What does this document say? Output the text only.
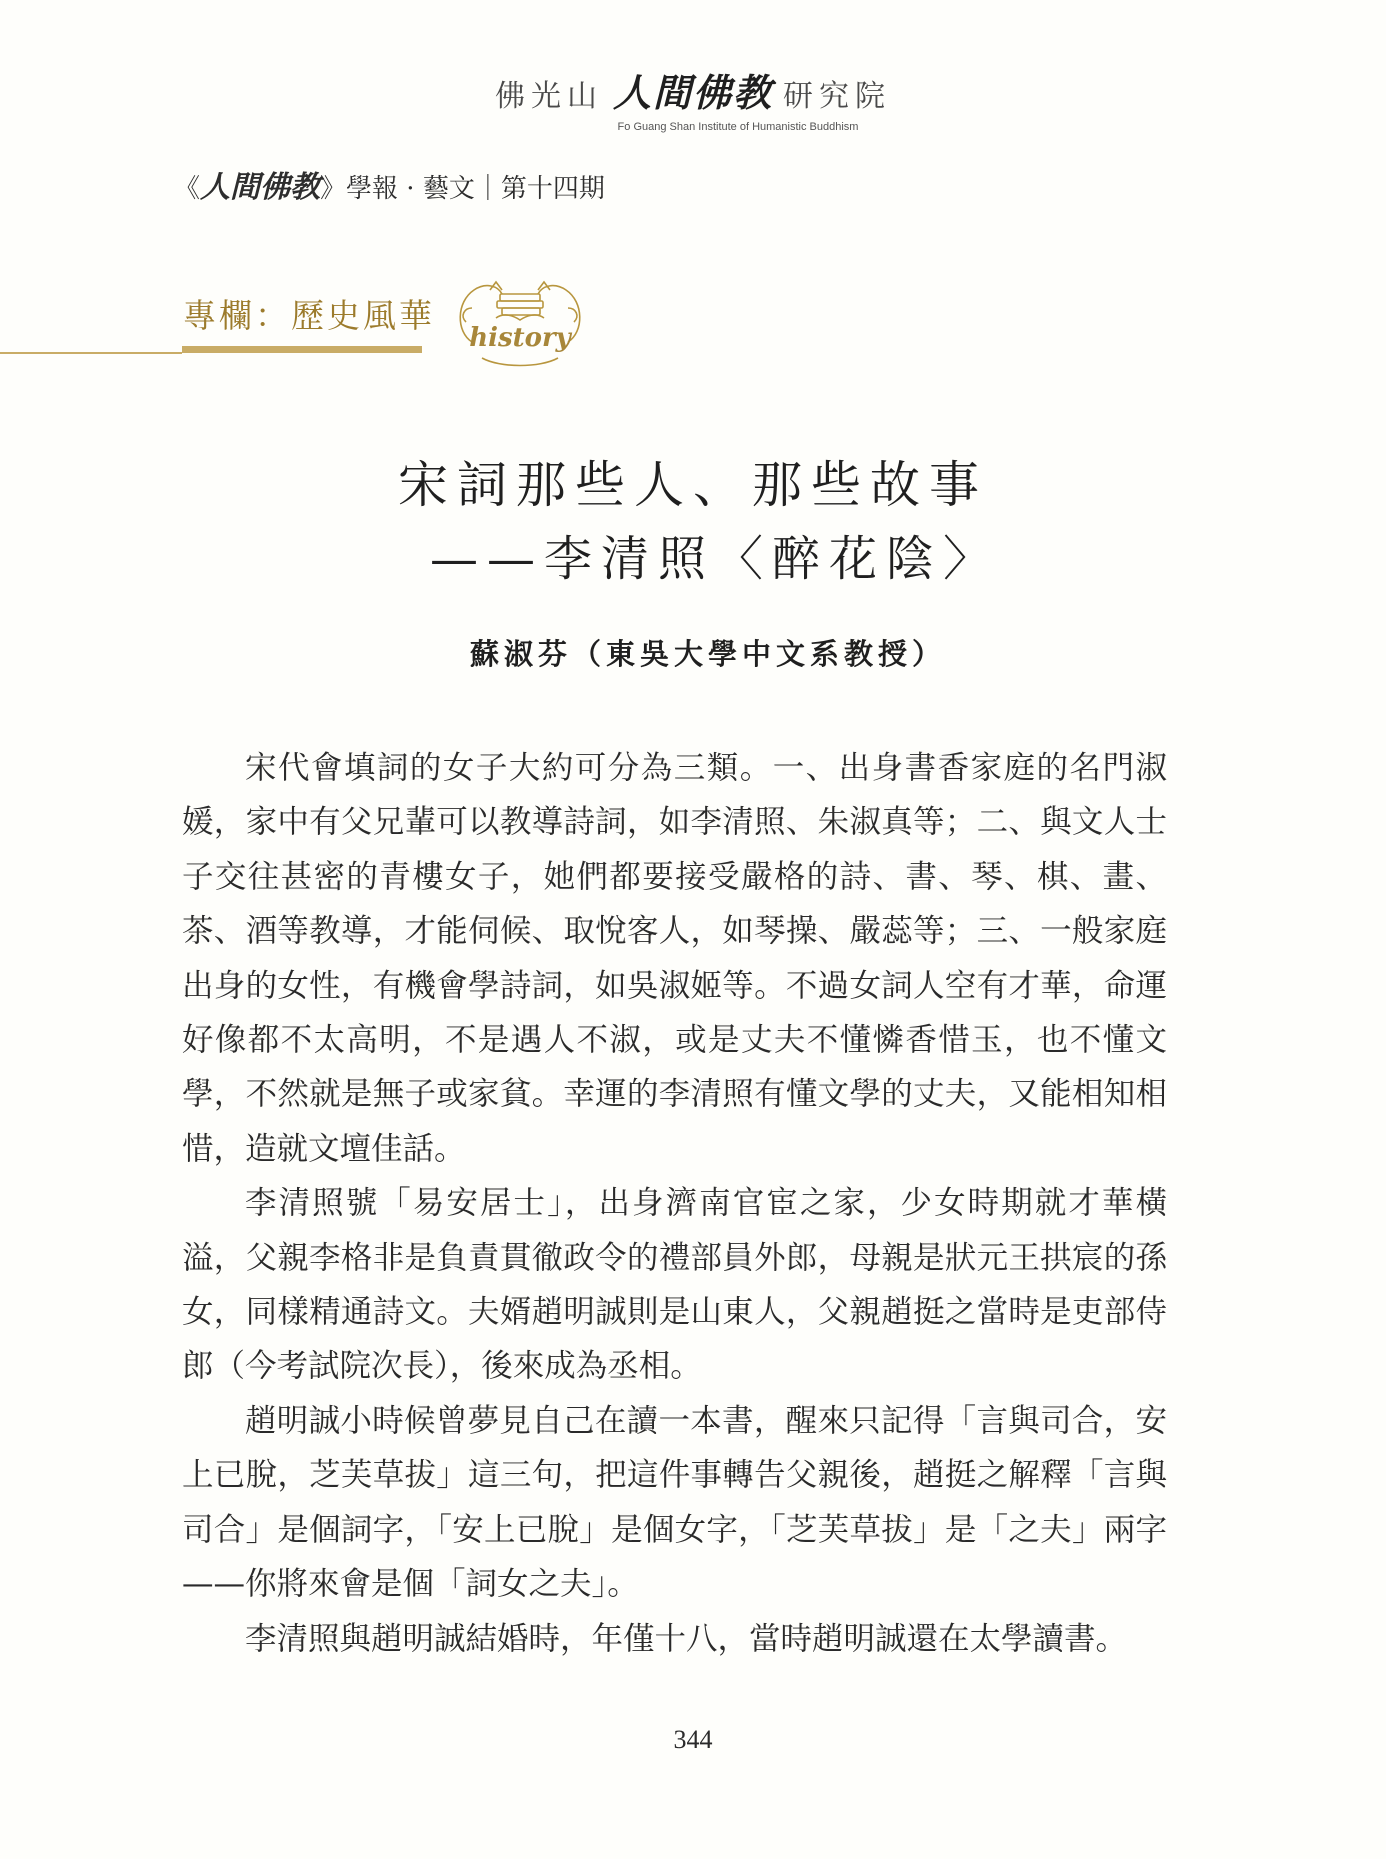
佛光山 人間佛教 研究院
Fo Guang Shan Institute of Humanistic Buddhism
《人間佛教》學報 · 藝文｜第十四期
專欄：歷史風華
history
宋詞那些人、那些故事
——李清照〈醉花陰〉
蘇淑芬（東吳大學中文系教授）

宋代會填詞的女子大約可分為三類。一、出身書香家庭的名門淑媛，家中有父兄輩可以教導詩詞，如李清照、朱淑真等；二、與文人士子交往甚密的青樓女子，她們都要接受嚴格的詩、書、琴、棋、畫、茶、酒等教導，才能伺候、取悅客人，如琴操、嚴蕊等；三、一般家庭出身的女性，有機會學詩詞，如吳淑姬等。不過女詞人空有才華，命運好像都不太高明，不是遇人不淑，或是丈夫不懂憐香惜玉，也不懂文學，不然就是無子或家貧。幸運的李清照有懂文學的丈夫，又能相知相惜，造就文壇佳話。

李清照號「易安居士」，出身濟南官宦之家，少女時期就才華橫溢，父親李格非是負責貫徹政令的禮部員外郎，母親是狀元王拱宸的孫女，同樣精通詩文。夫婿趙明誠則是山東人，父親趙挺之當時是吏部侍郎（今考試院次長），後來成為丞相。

趙明誠小時候曾夢見自己在讀一本書，醒來只記得「言與司合，安上已脫，芝芙草拔」這三句，把這件事轉告父親後，趙挺之解釋「言與司合」是個詞字，「安上已脫」是個女字，「芝芙草拔」是「之夫」兩字——你將來會是個「詞女之夫」。

李清照與趙明誠結婚時，年僅十八，當時趙明誠還在太學讀書。

344
